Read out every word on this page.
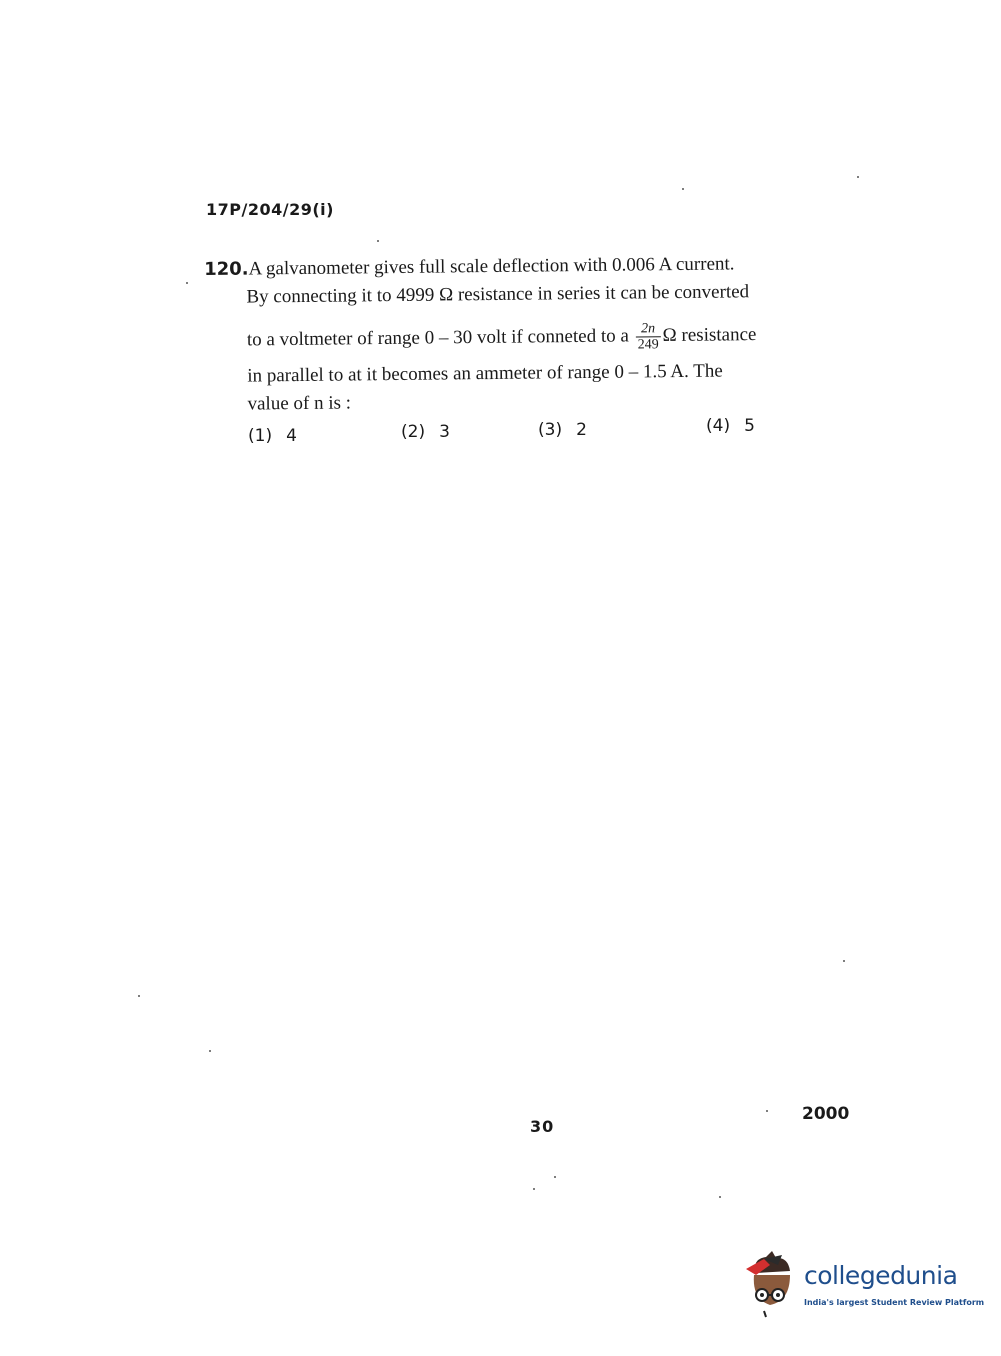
17P/204/29(i)
120.A galvanometer gives full scale deflection with 0.006 A current.
By connecting it to 4999 Ω resistance in series it can be converted
to a voltmeter of range 0 – 30 volt if conneted to a $\frac{2n}{249}$ Ω resistance
in parallel to at it becomes an ammeter of range 0 – 1.5 A. The
value of n is :
(1) 4	(2) 3	(3) 2	(4) 5
30
2000
collegedunia
India's largest Student Review Platform
